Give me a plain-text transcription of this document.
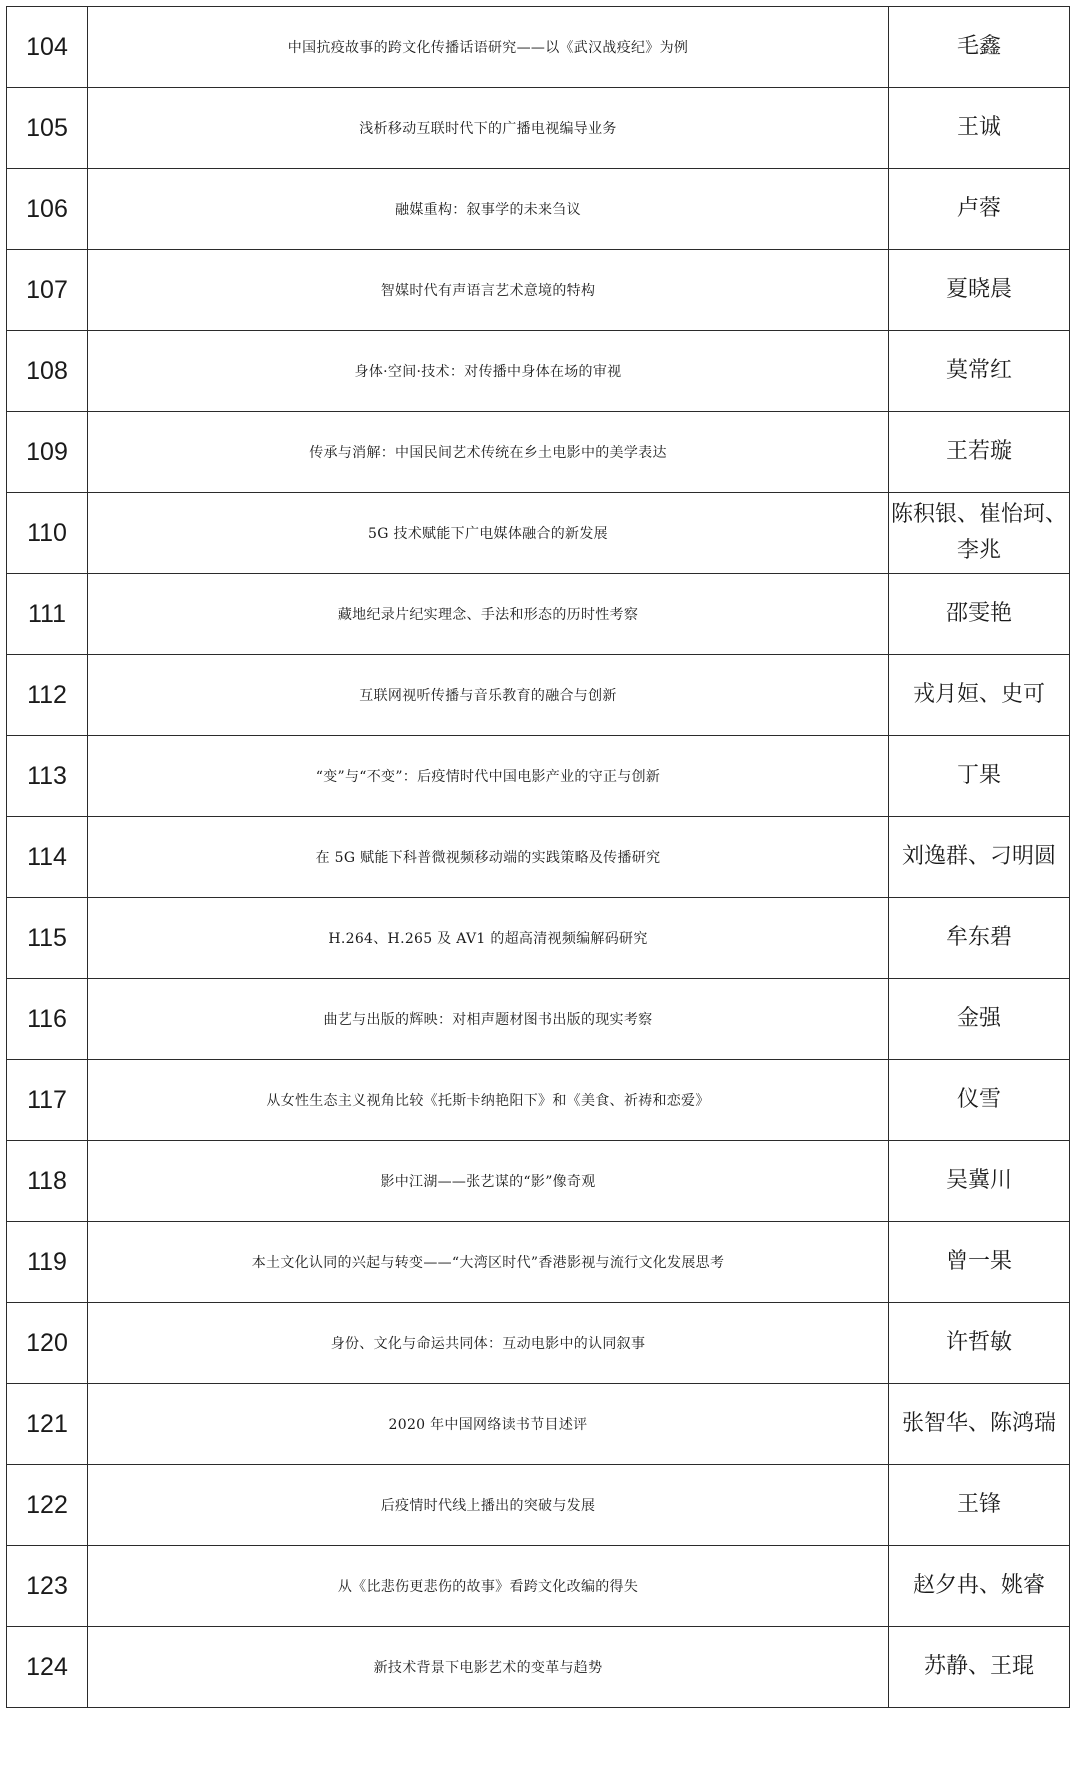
104	中国抗疫故事的跨文化传播话语研究——以《武汉战疫纪》为例	毛鑫
105	浅析移动互联时代下的广播电视编导业务	王诚
106	融媒重构：叙事学的未来刍议	卢蓉
107	智媒时代有声语言艺术意境的特构	夏晓晨
108	身体·空间·技术：对传播中身体在场的审视	莫常红
109	传承与消解：中国民间艺术传统在乡土电影中的美学表达	王若璇
110	5G 技术赋能下广电媒体融合的新发展	陈积银、崔怡珂、李兆
111	藏地纪录片纪实理念、手法和形态的历时性考察	邵雯艳
112	互联网视听传播与音乐教育的融合与创新	戎月姮、史可
113	“变”与“不变”：后疫情时代中国电影产业的守正与创新	丁果
114	在 5G 赋能下科普微视频移动端的实践策略及传播研究	刘逸群、刁明圆
115	H.264、H.265 及 AV1 的超高清视频编解码研究	牟东碧
116	曲艺与出版的辉映：对相声题材图书出版的现实考察	金强
117	从女性生态主义视角比较《托斯卡纳艳阳下》和《美食、祈祷和恋爱》	仪雪
118	影中江湖——张艺谋的“影”像奇观	吴冀川
119	本土文化认同的兴起与转变——“大湾区时代”香港影视与流行文化发展思考	曾一果
120	身份、文化与命运共同体：互动电影中的认同叙事	许哲敏
121	2020 年中国网络读书节目述评	张智华、陈鸿瑞
122	后疫情时代线上播出的突破与发展	王锋
123	从《比悲伤更悲伤的故事》看跨文化改编的得失	赵夕冉、姚睿
124	新技术背景下电影艺术的变革与趋势	苏静、王琨
